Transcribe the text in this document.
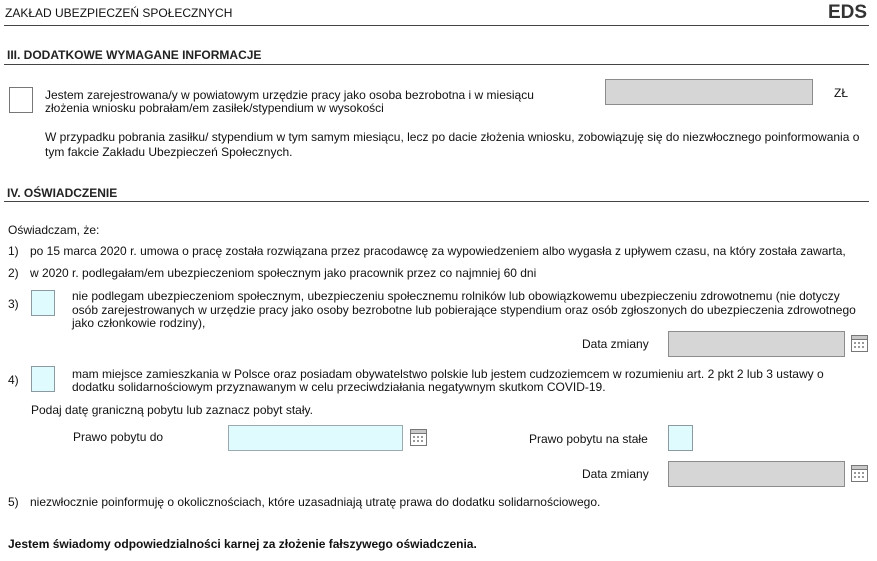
ZAKŁAD UBEZPIECZEŃ SPOŁECZNYCH	EDS
III. DODATKOWE WYMAGANE INFORMACJE
Jestem zarejestrowana/y w powiatowym urzędzie pracy jako osoba bezrobotna i w miesiącu
złożenia wniosku pobrałam/em zasiłek/stypendium w wysokości
ZŁ
W przypadku pobrania zasiłku/ stypendium w tym samym miesiącu, lecz po dacie złożenia wniosku, zobowiązuję się do niezwłocznego poinformowania o
tym fakcie Zakładu Ubezpieczeń Społecznych.
IV. OŚWIADCZENIE
Oświadczam, że:
1) po 15 marca 2020 r. umowa o pracę została rozwiązana przez pracodawcę za wypowiedzeniem albo wygasła z upływem czasu, na który została zawarta,
2) w 2020 r. podlegałam/em ubezpieczeniom społecznym jako pracownik przez co najmniej 60 dni
3)
nie podlegam ubezpieczeniom społecznym, ubezpieczeniu społecznemu rolników lub obowiązkowemu ubezpieczeniu zdrowotnemu (nie dotyczy
osób zarejestrowanych w urzędzie pracy jako osoby bezrobotne lub pobierające stypendium oraz osób zgłoszonych do ubezpieczenia zdrowotnego
jako członkowie rodziny),
Data zmiany
4)	mam miejsce zamieszkania w Polsce oraz posiadam obywatelstwo polskie lub jestem cudzoziemcem w rozumieniu art. 2 pkt 2 lub 3 ustawy o
dodatku solidarnościowym przyznawanym w celu przeciwdziałania negatywnym skutkom COVID-19.
Podaj datę graniczną pobytu lub zaznacz pobyt stały.
Prawo pobytu do	Prawo pobytu na stałe
Data zmiany
5) niezwłocznie poinformuję o okolicznościach, które uzasadniają utratę prawa do dodatku solidarnościowego.
Jestem świadomy odpowiedzialności karnej za złożenie fałszywego oświadczenia.
